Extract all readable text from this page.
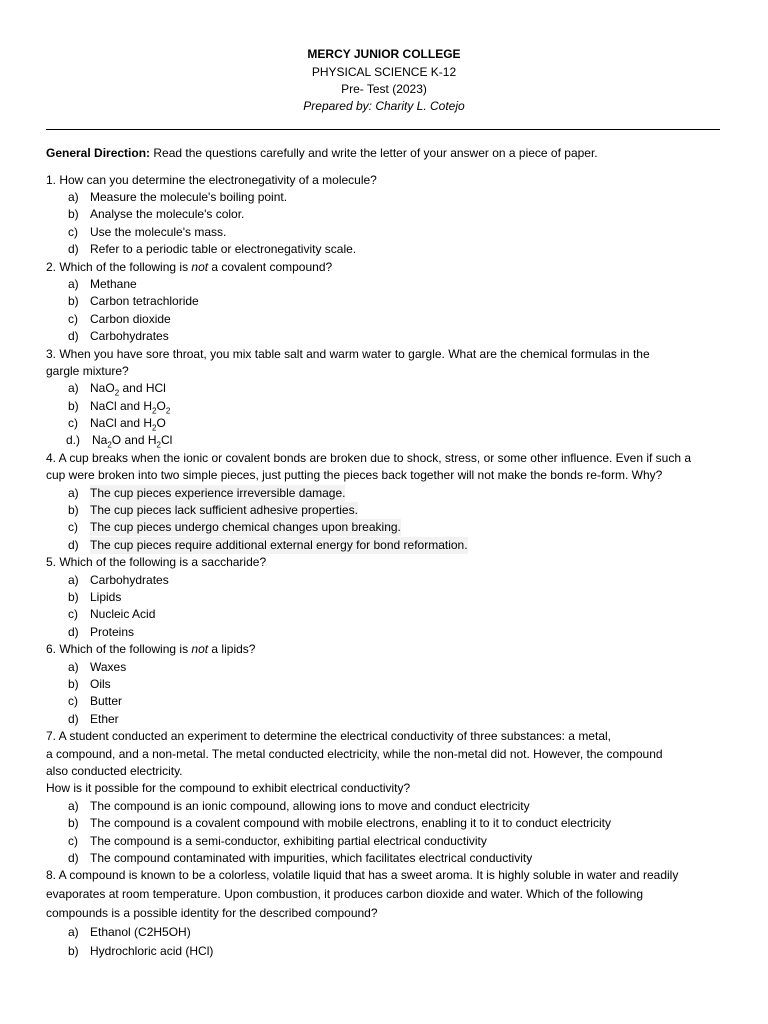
MERCY JUNIOR COLLEGE
PHYSICAL SCIENCE K-12
Pre- Test (2023)
Prepared by: Charity L. Cotejo
General Direction: Read the questions carefully and write the letter of your answer on a piece of paper.
1. How can you determine the electronegativity of a molecule?
a) Measure the molecule's boiling point.
b) Analyse the molecule's color.
c) Use the molecule's mass.
d) Refer to a periodic table or electronegativity scale.
2. Which of the following is not a covalent compound?
a) Methane
b) Carbon tetrachloride
c) Carbon dioxide
d) Carbohydrates
3. When you have sore throat, you mix table salt and warm water to gargle. What are the chemical formulas in the
gargle mixture?
a) NaO$_2$ and HCl
b) NaCl and $H_2O_2$
c) NaCl and $H_2O$
d.) $Na_2O$ and $H_2Cl$
4. A cup breaks when the ionic or covalent bonds are broken due to shock, stress, or some other influence. Even if such a
cup were broken into two simple pieces, just putting the pieces back together will not make the bonds re-form. Why?
a) The cup pieces experience irreversible damage.
b) The cup pieces lack sufficient adhesive properties.
c) The cup pieces undergo chemical changes upon breaking.
d) The cup pieces require additional external energy for bond reformation.
5. Which of the following is a saccharide?
a) Carbohydrates
b) Lipids
c) Nucleic Acid
d) Proteins
6. Which of the following is not a lipids?
a) Waxes
b) Oils
c) Butter
d) Ether
7. A student conducted an experiment to determine the electrical conductivity of three substances: a metal,
a compound, and a non-metal. The metal conducted electricity, while the non-metal did not. However, the compound
also conducted electricity.
How is it possible for the compound to exhibit electrical conductivity?
a) The compound is an ionic compound, allowing ions to move and conduct electricity
b) The compound is a covalent compound with mobile electrons, enabling it to it to conduct electricity
c) The compound is a semi-conductor, exhibiting partial electrical conductivity
d) The compound contaminated with impurities, which facilitates electrical conductivity
8. A compound is known to be a colorless, volatile liquid that has a sweet aroma. It is highly soluble in water and readily
evaporates at room temperature. Upon combustion, it produces carbon dioxide and water. Which of the following
compounds is a possible identity for the described compound?
a) Ethanol (C2H5OH)
b) Hydrochloric acid (HCl)
